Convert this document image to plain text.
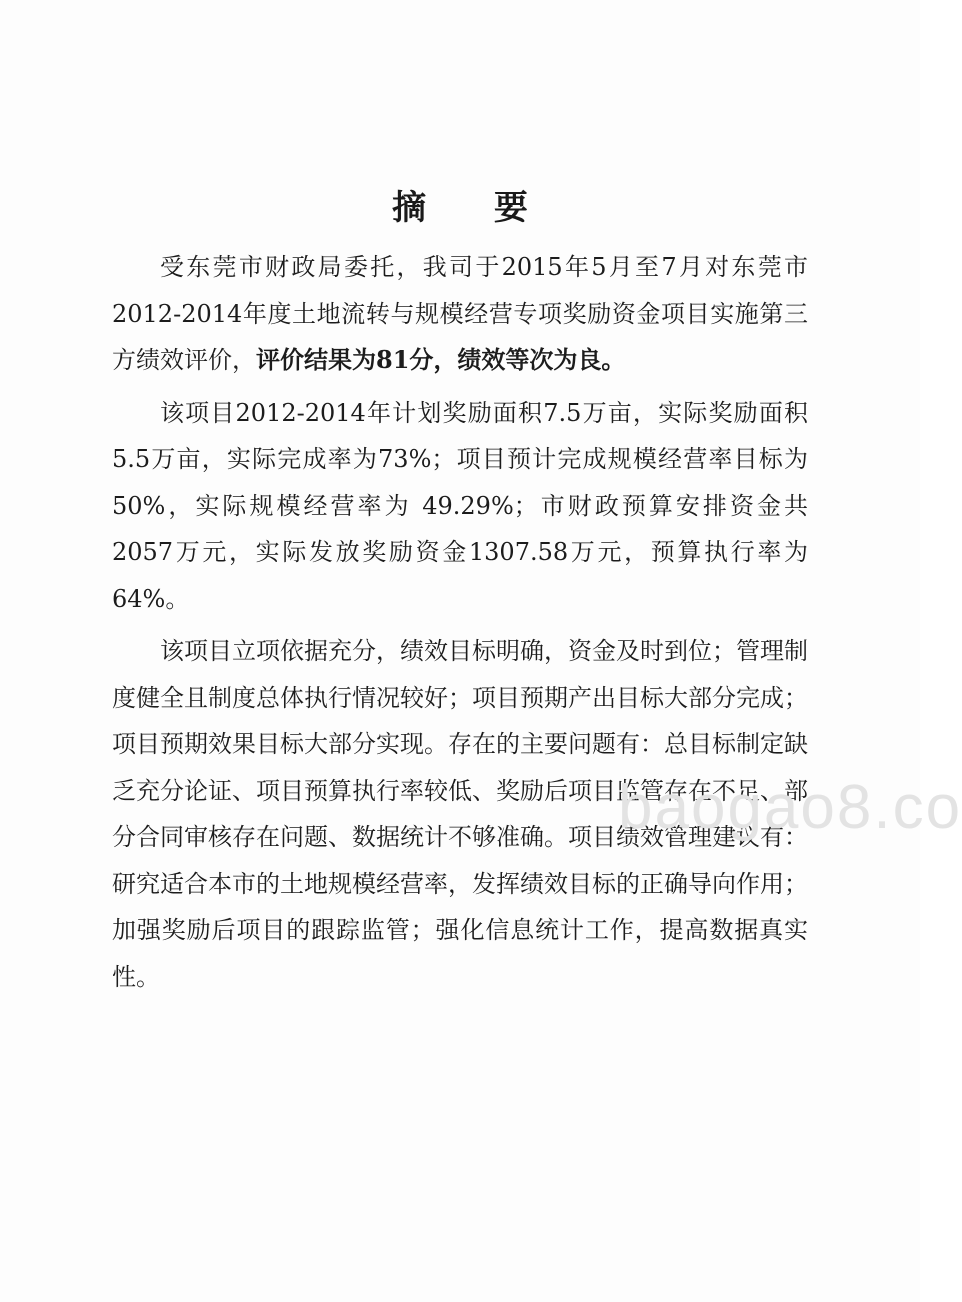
摘 要

受东莞市财政局委托，我司于2015年5月至7月对东莞市2012-2014年度土地流转与规模经营专项奖励资金项目实施第三方绩效评价，评价结果为81分，绩效等次为良。

该项目2012-2014年计划奖励面积7.5万亩，实际奖励面积5.5万亩，实际完成率为73%；项目预计完成规模经营率目标为50%，实际规模经营率为 49.29%；市财政预算安排资金共 2057万元，实际发放奖励资金1307.58万元，预算执行率为64%。

该项目立项依据充分，绩效目标明确，资金及时到位；管理制度健全且制度总体执行情况较好；项目预期产出目标大部分完成；项目预期效果目标大部分实现。存在的主要问题有：总目标制定缺乏充分论证、项目预算执行率较低、奖励后项目监管存在不足、部分合同审核存在问题、数据统计不够准确。项目绩效管理建议有：研究适合本市的土地规模经营率，发挥绩效目标的正确导向作用；加强奖励后项目的跟踪监管；强化信息统计工作，提高数据真实性。

baogao8.co
